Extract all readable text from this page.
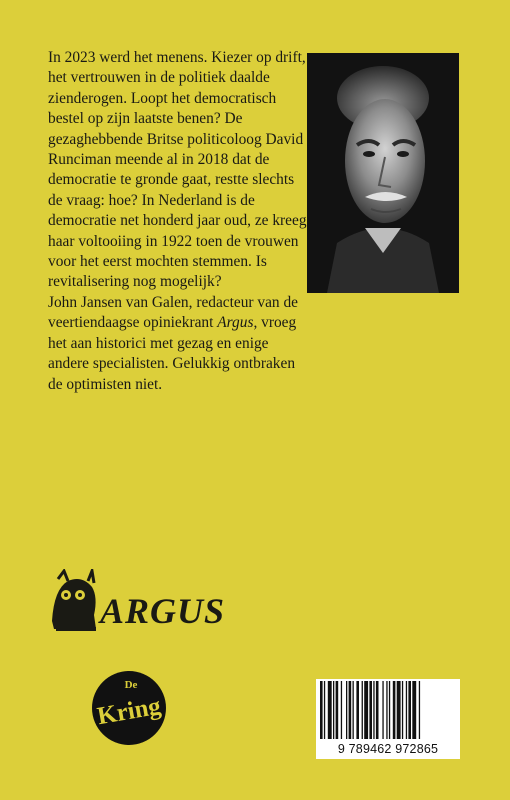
In 2023 werd het menens. Kiezer op drift, het vertrouwen in de politiek daalde zienderogen. Loopt het democratisch bestel op zijn laatste benen? De gezaghebbende Britse politicoloog David Runciman meende al in 2018 dat de democratie te gronde gaat, restte slechts de vraag: hoe? In Nederland is de democratie net honderd jaar oud, ze kreeg haar voltooiing in 1922 toen de vrouwen voor het eerst mochten stemmen. Is revitalisering nog mogelijk?

John Jansen van Galen, redacteur van de veertiendaagse opiniekrant Argus, vroeg het aan historici met gezag en enige andere specialisten. Gelukkig ontbraken de optimisten niet.

ARGUS
De
Kring
9 789462 972865
